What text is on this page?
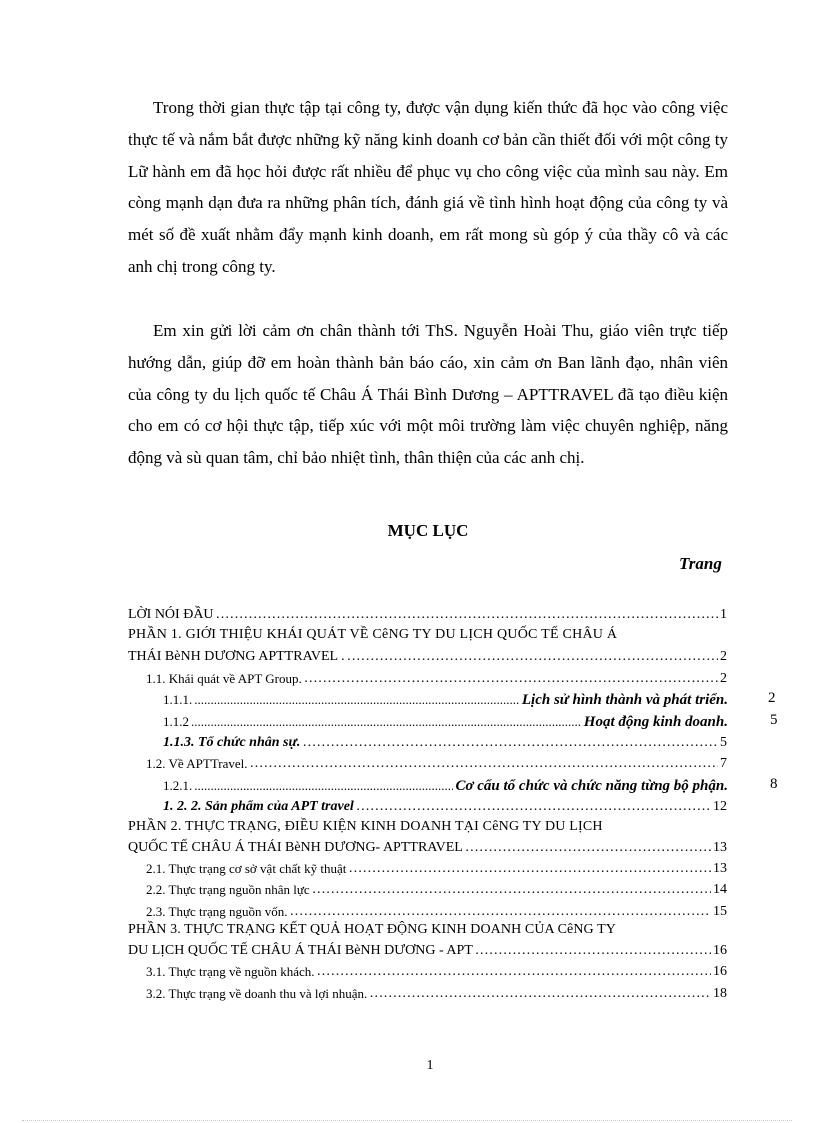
Trong thời gian thực tập tại công ty, được vận dụng kiến thức đã học vào công việc thực tế và nắm bắt được những kỹ năng kinh doanh cơ bản cần thiết đối với một công ty Lữ hành em đã học hỏi được rất nhiều để phục vụ cho công việc của mình sau này. Em còng mạnh dạn đưa ra những phân tích, đánh giá về tình hình hoạt động của công ty và mét số đề xuất nhằm đẩy mạnh kinh doanh, em rất mong sù góp ý của thầy cô và các anh chị trong công ty.

Em xin gửi lời cảm ơn chân thành tới ThS. Nguyễn Hoài Thu, giáo viên trực tiếp hướng dẫn, giúp đỡ em hoàn thành bản báo cáo, xin cảm ơn Ban lãnh đạo, nhân viên của công ty du lịch quốc tế Châu Á Thái Bình Dương – APTTRAVEL đã tạo điều kiện cho em có cơ hội thực tập, tiếp xúc với một môi trường làm việc chuyên nghiệp, năng động và sù quan tâm, chỉ bảo nhiệt tình, thân thiện của các anh chị.

MỤC LỤC
Trang
LỜI NÓI ĐẦU ………………………………………………………………………………………………………………………………………………………………………………………………………………	1
PHẦN 1. GIỚI THIỆU KHÁI QUÁT VỀ CêNG TY DU LỊCH QUỐC TẾ CHÂU Á
THÁI BèNH DƯƠNG APTTRAVEL . ………………………………………………………………………………………………………………………………………………………………………………………………………………	2
1.1. Khái quát về APT Group. ………………………………………………………………………………………………………………………………………………………………………………………………………………	2
1.1.1. .....	Lịch sử hình thành và phát triển.	2
1.1.2 .....	Hoạt động kinh doanh.	5
1.1.3. Tổ chức nhân sự. ………………………………………………………………………………………………………………………………………………………………………………………………………………	5
1.2. Về APTTravel. ………………………………………………………………………………………………………………………………………………………………………………………………………………	7
1.2.1. .....	Cơ cấu tổ chức và chức năng từng bộ phận.	8
1. 2. 2. Sản phẩm của APT travel ………………………………………………………………………………………………………………………………………………………………………………………………………………	12
PHẦN 2. THỰC TRẠNG, ĐIỀU KIỆN KINH DOANH TẠI CêNG TY DU LỊCH
QUỐC TẾ CHÂU Á THÁI BèNH DƯƠNG- APTTRAVEL ………………………………………………………………………………………………………………………………………………………………………………………………………………	13
2.1. Thực trạng cơ sở vật chất kỹ thuật ………………………………………………………………………………………………………………………………………………………………………………………………………………	13
2.2. Thực trạng nguồn nhân lực ………………………………………………………………………………………………………………………………………………………………………………………………………………	14
2.3. Thực trạng nguồn vốn. ………………………………………………………………………………………………………………………………………………………………………………………………………………	15
PHẦN 3. THỰC TRẠNG KẾT QUẢ HOẠT ĐỘNG KINH DOANH CỦA CêNG TY
DU LỊCH QUỐC TẾ CHÂU Á THÁI BèNH DƯƠNG - APT ………………………………………………………………………………………………………………………………………………………………………………………………………………	16
3.1. Thực trạng về nguồn khách. ………………………………………………………………………………………………………………………………………………………………………………………………………………	16
3.2. Thực trạng về doanh thu và lợi nhuận. ………………………………………………………………………………………………………………………………………………………………………………………………………………	18
1
